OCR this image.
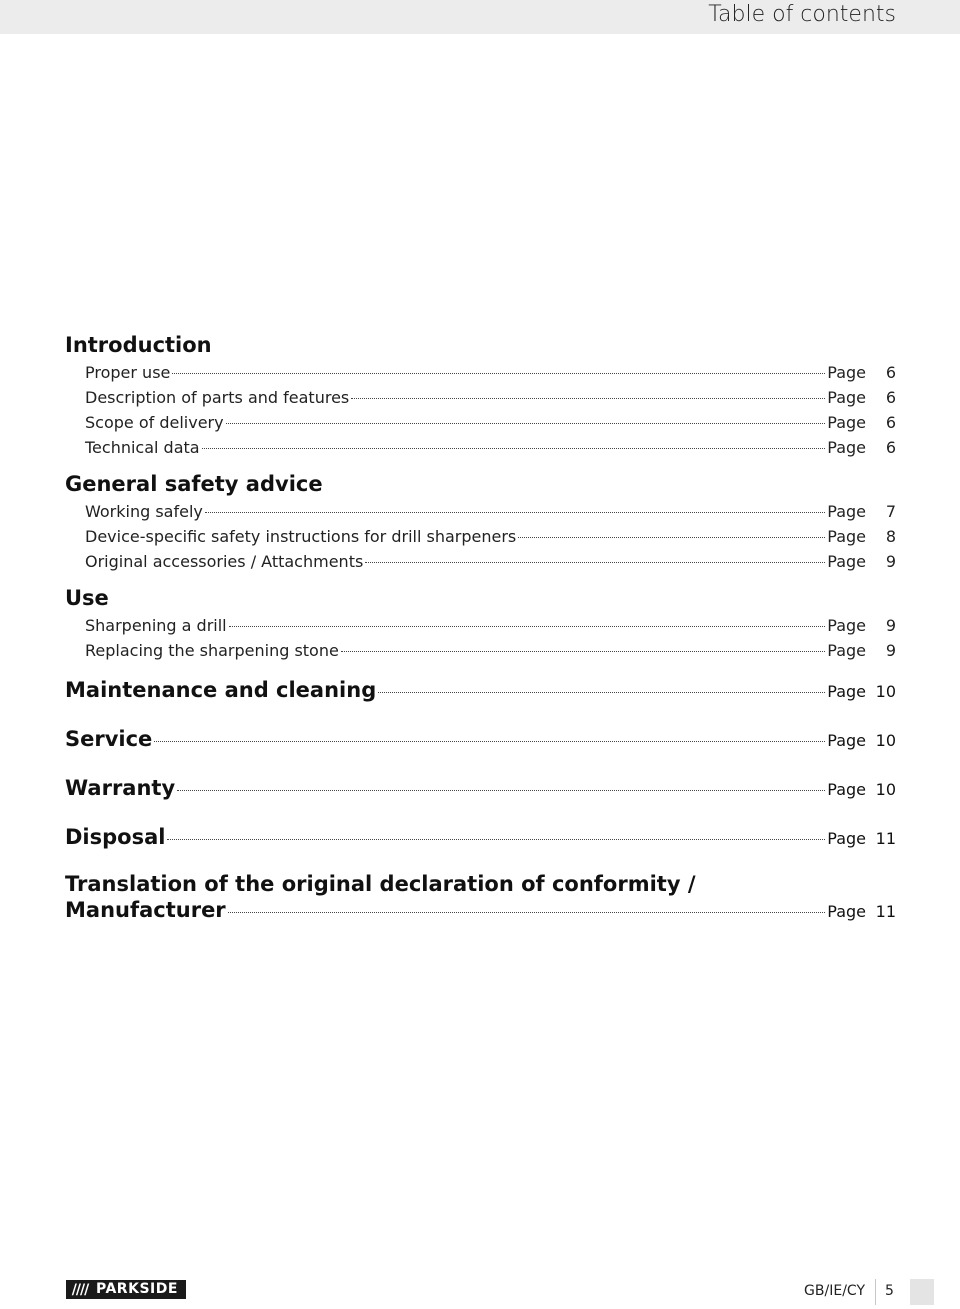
Table of contents
Introduction
Proper use	Page	6
Description of parts and features	Page	6
Scope of delivery	Page	6
Technical data	Page	6
General safety advice
Working safely	Page	7
Device-specific safety instructions for drill sharpeners	Page	8
Original accessories / Attachments	Page	9
Use
Sharpening a drill	Page	9
Replacing the sharpening stone	Page	9
Maintenance and cleaning	Page 10
Service	Page 10
Warranty	Page 10
Disposal	Page 11
Translation of the original declaration of conformity /
Manufacturer	Page 11
//// PARKSIDE	GB/IE/CY 5
